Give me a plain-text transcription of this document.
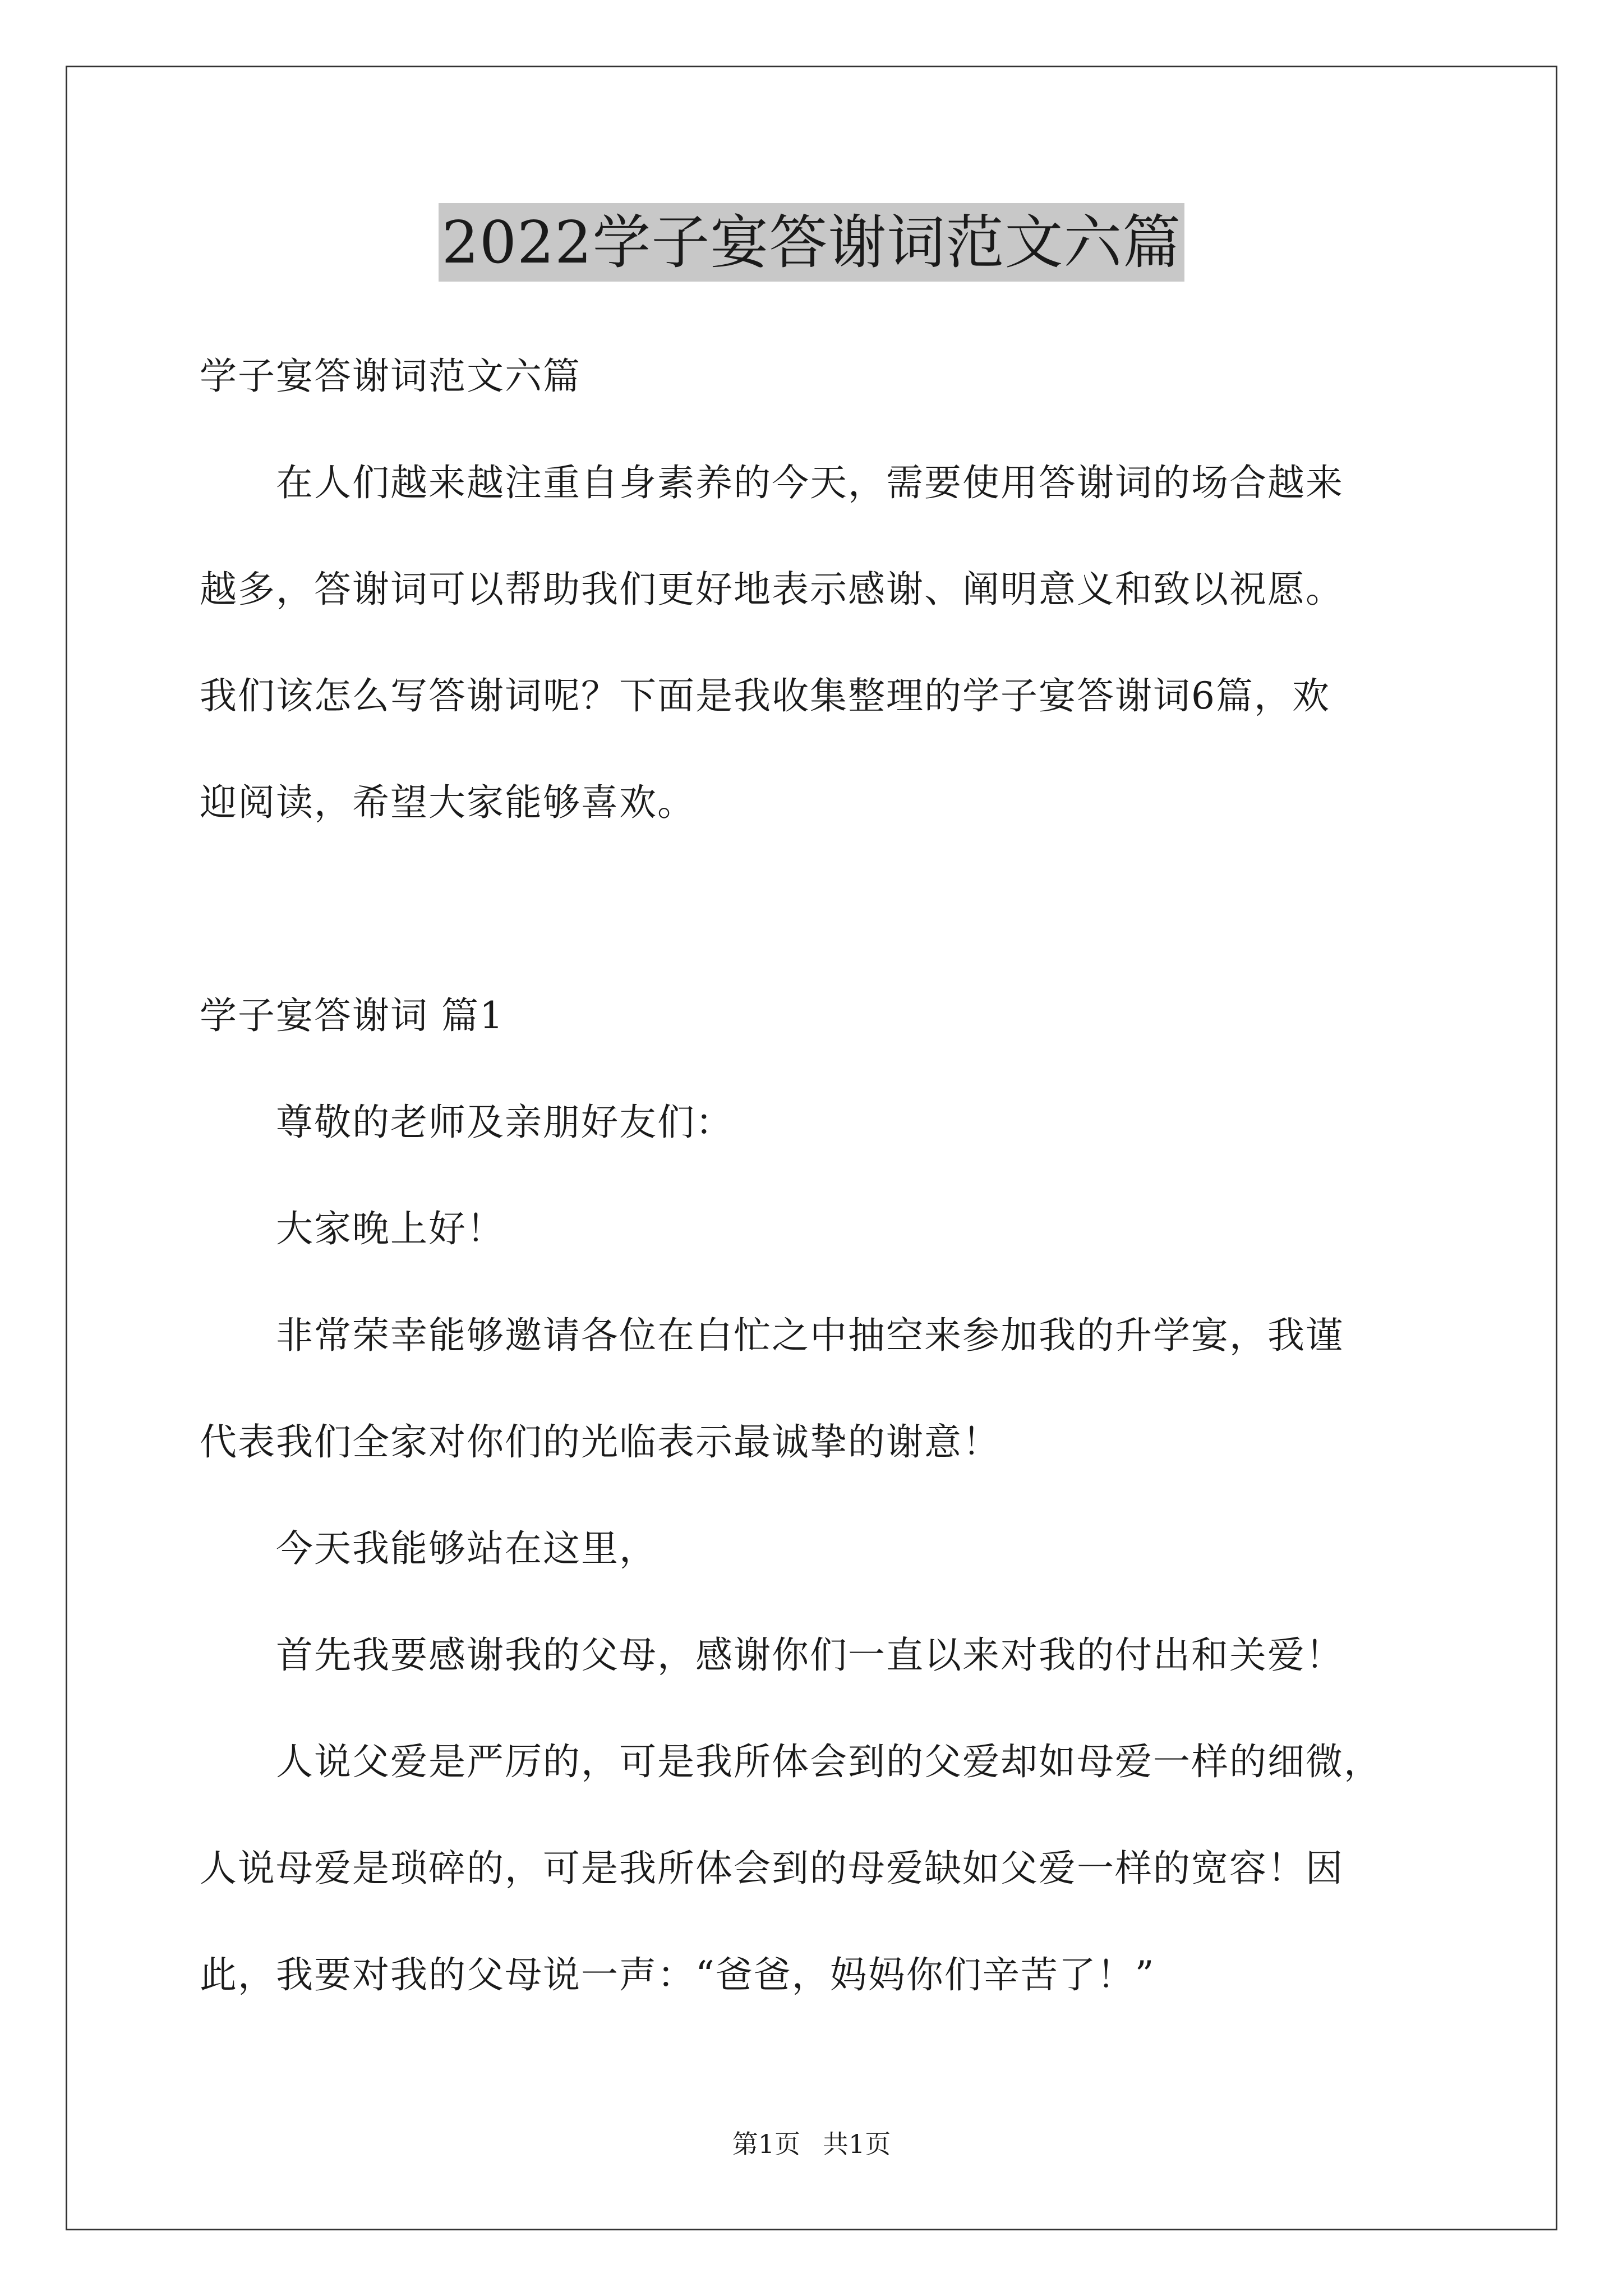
2022学子宴答谢词范文六篇
学子宴答谢词范文六篇
　　在人们越来越注重自身素养的今天，需要使用答谢词的场合越来
越多，答谢词可以帮助我们更好地表示感谢、阐明意义和致以祝愿。
我们该怎么写答谢词呢？下面是我收集整理的学子宴答谢词6篇，欢
迎阅读，希望大家能够喜欢。
学子宴答谢词 篇1
　　尊敬的老师及亲朋好友们：
　　大家晚上好！
　　非常荣幸能够邀请各位在白忙之中抽空来参加我的升学宴，我谨
代表我们全家对你们的光临表示最诚挚的谢意！
　　今天我能够站在这里，
　　首先我要感谢我的父母，感谢你们一直以来对我的付出和关爱！
　　人说父爱是严厉的，可是我所体会到的父爱却如母爱一样的细微，
人说母爱是琐碎的，可是我所体会到的母爱缺如父爱一样的宽容！因
此，我要对我的父母说一声：“爸爸，妈妈你们辛苦了！”
第1页 共1页
